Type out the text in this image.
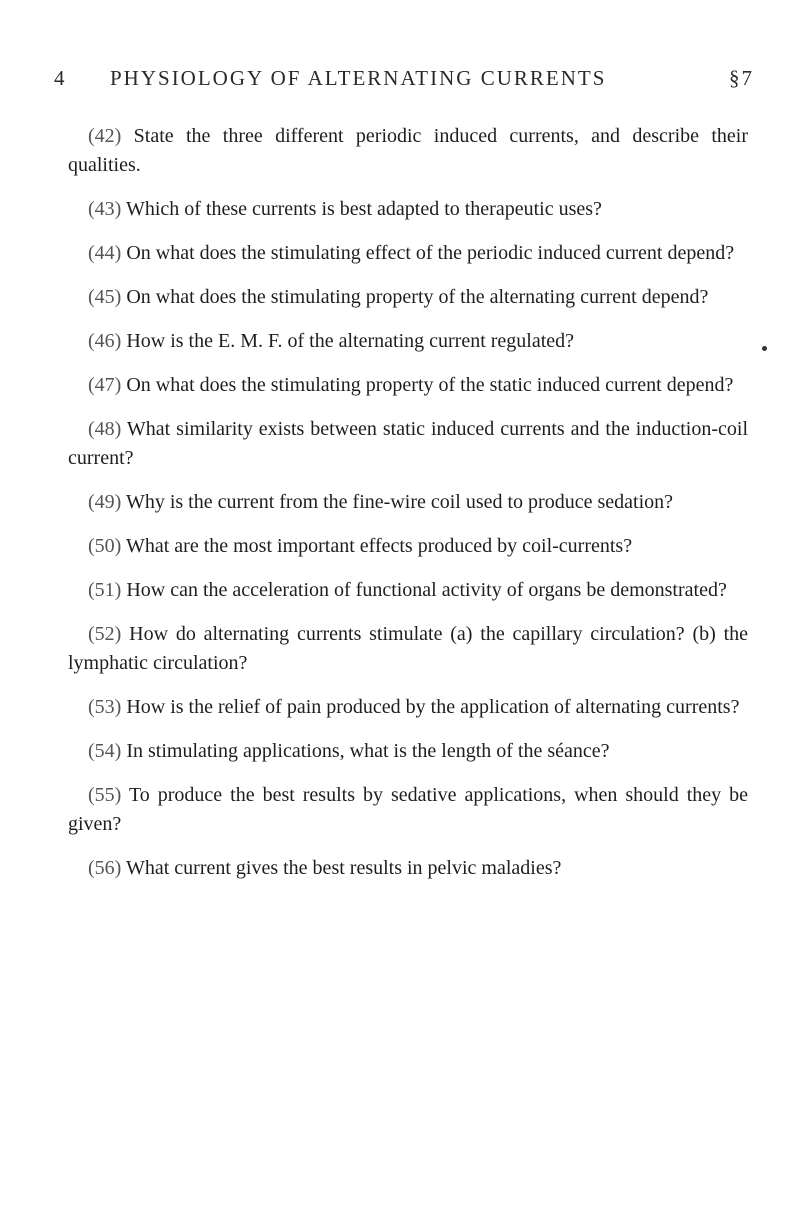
4 PHYSIOLOGY OF ALTERNATING CURRENTS	§7

(42) State the three different periodic induced currents, and describe their qualities.

(43) Which of these currents is best adapted to therapeutic uses?

(44) On what does the stimulating effect of the periodic induced current depend?

(45) On what does the stimulating property of the alternating current depend?

(46) How is the E. M. F. of the alternating current regulated?

(47) On what does the stimulating property of the static induced current depend?

(48) What similarity exists between static induced currents and the induction-coil current?

(49) Why is the current from the fine-wire coil used to produce sedation?

(50) What are the most important effects produced by coil-currents?

(51) How can the acceleration of functional activity of organs be demonstrated?

(52) How do alternating currents stimulate (a) the capillary circulation? (b) the lymphatic circulation?

(53) How is the relief of pain produced by the application of alternating currents?

(54) In stimulating applications, what is the length of the séance?

(55) To produce the best results by sedative applications, when should they be given?

(56) What current gives the best results in pelvic maladies?
